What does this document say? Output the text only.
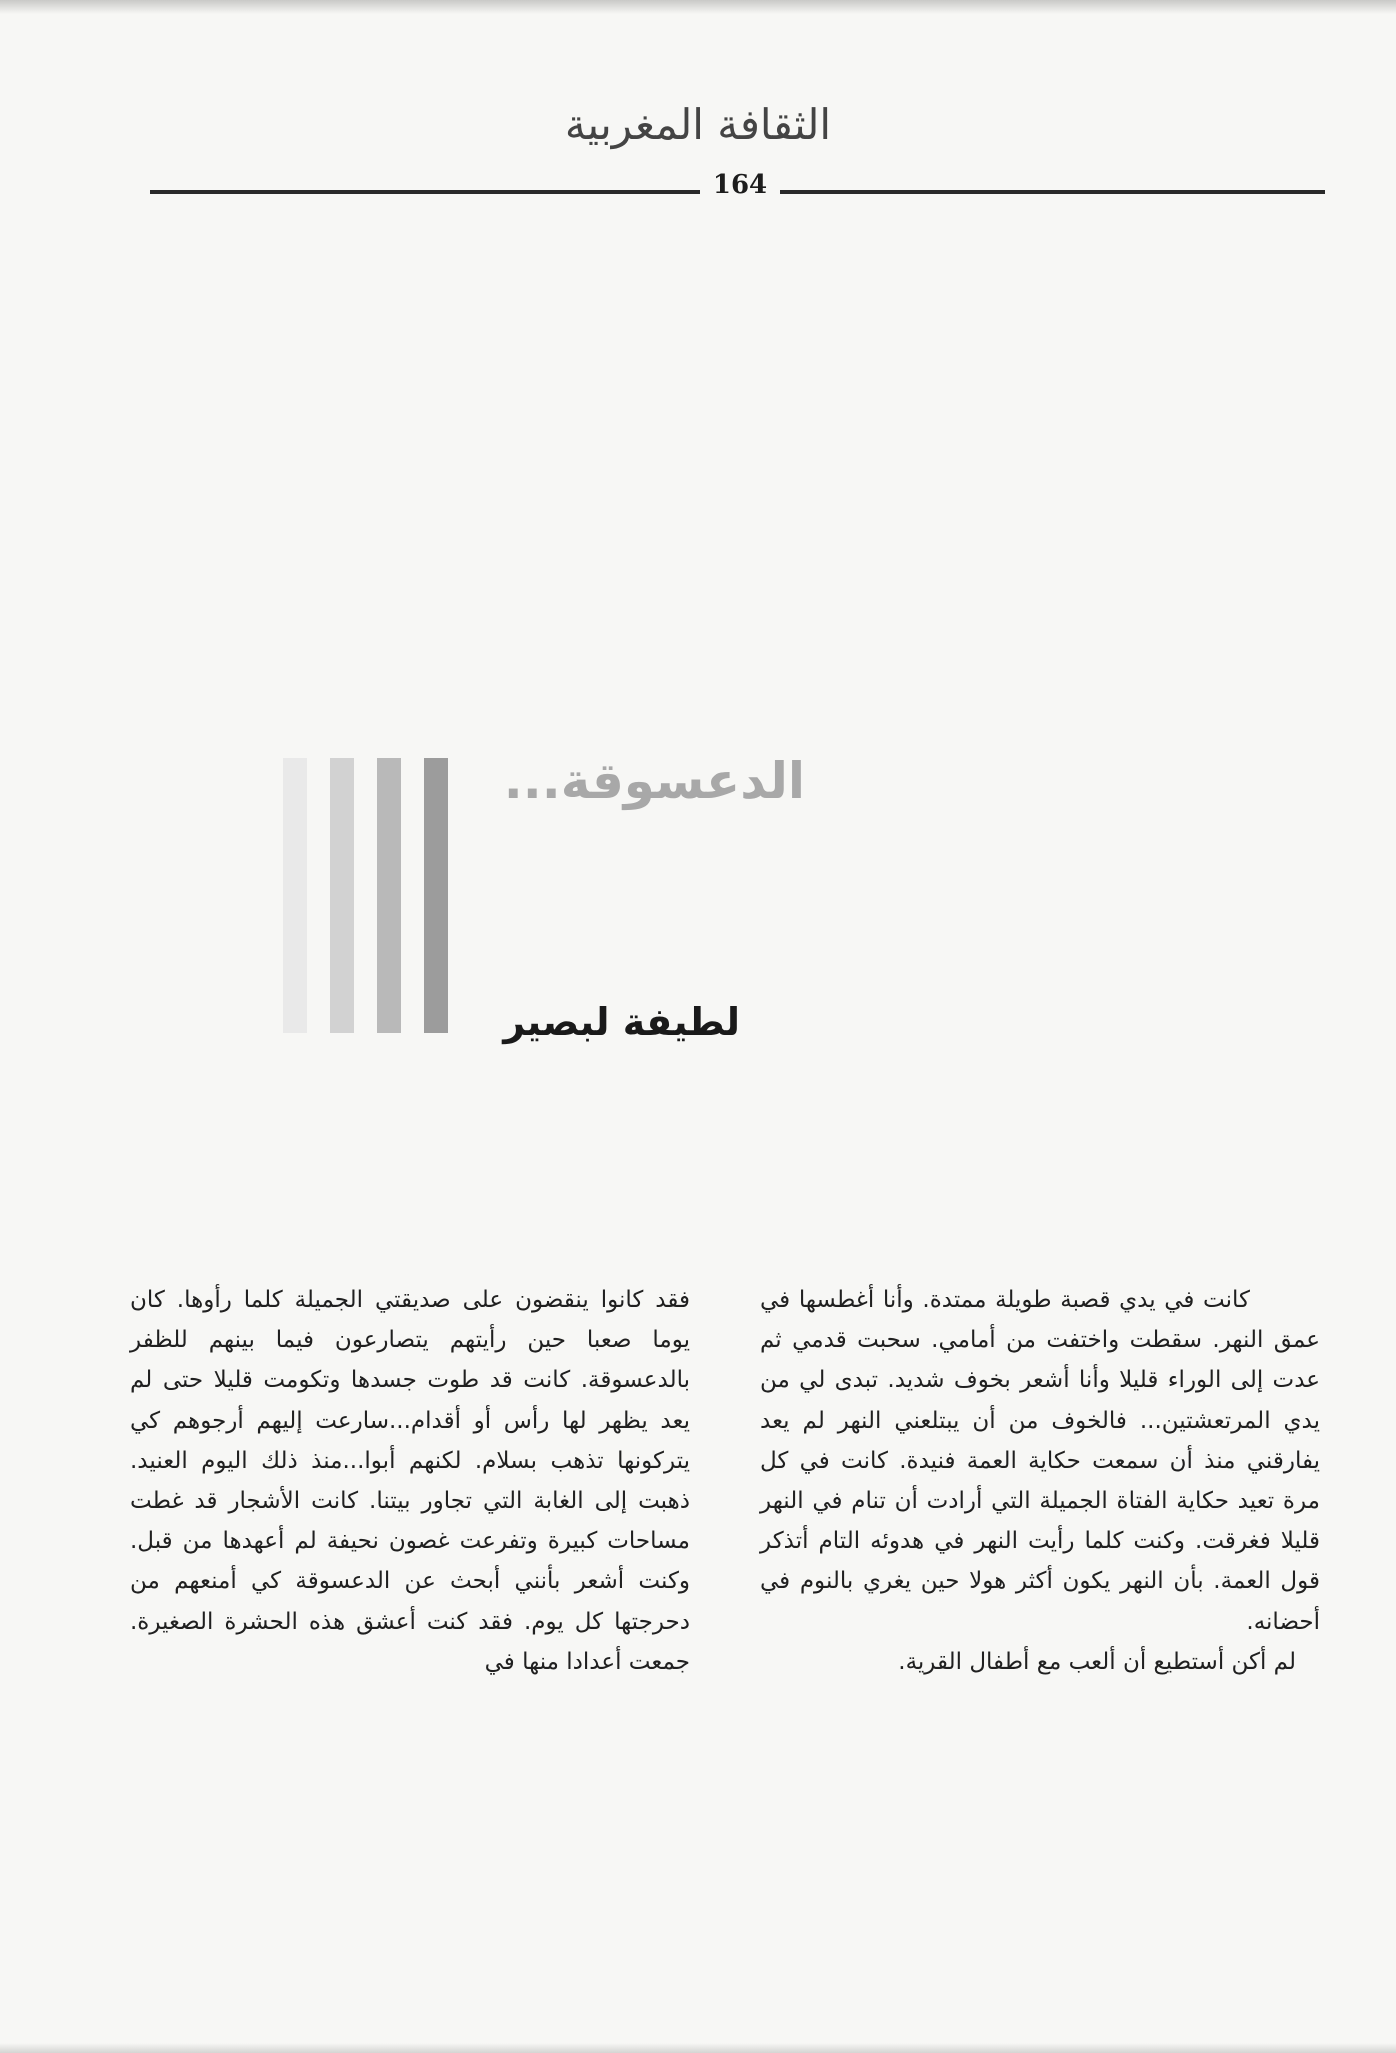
الثقافة المغربية
164
الدعسوقة...
لطيفة لبصير

كانت في يدي قصبة طويلة ممتدة. وأنا أغطسها في عمق النهر. سقطت واختفت من أمامي. سحبت قدمي ثم عدت إلى الوراء قليلا وأنا أشعر بخوف شديد. تبدى لي من يدي المرتعشتين... فالخوف من أن يبتلعني النهر لم يعد يفارقني منذ أن سمعت حكاية العمة فنيدة. كانت في كل مرة تعيد حكاية الفتاة الجميلة التي أرادت أن تنام في النهر قليلا فغرقت. وكنت كلما رأيت النهر في هدوئه التام أتذكر قول العمة. بأن النهر يكون أكثر هولا حين يغري بالنوم في أحضانه.

لم أكن أستطيع أن ألعب مع أطفال القرية.

فقد كانوا ينقضون على صديقتي الجميلة كلما رأوها. كان يوما صعبا حين رأيتهم يتصارعون فيما بينهم للظفر بالدعسوقة. كانت قد طوت جسدها وتكومت قليلا حتى لم يعد يظهر لها رأس أو أقدام...سارعت إليهم أرجوهم كي يتركونها تذهب بسلام. لكنهم أبوا...منذ ذلك اليوم العنيد. ذهبت إلى الغابة التي تجاور بيتنا. كانت الأشجار قد غطت مساحات كبيرة وتفرعت غصون نحيفة لم أعهدها من قبل. وكنت أشعر بأنني أبحث عن الدعسوقة كي أمنعهم من دحرجتها كل يوم. فقد كنت أعشق هذه الحشرة الصغيرة. جمعت أعدادا منها في
